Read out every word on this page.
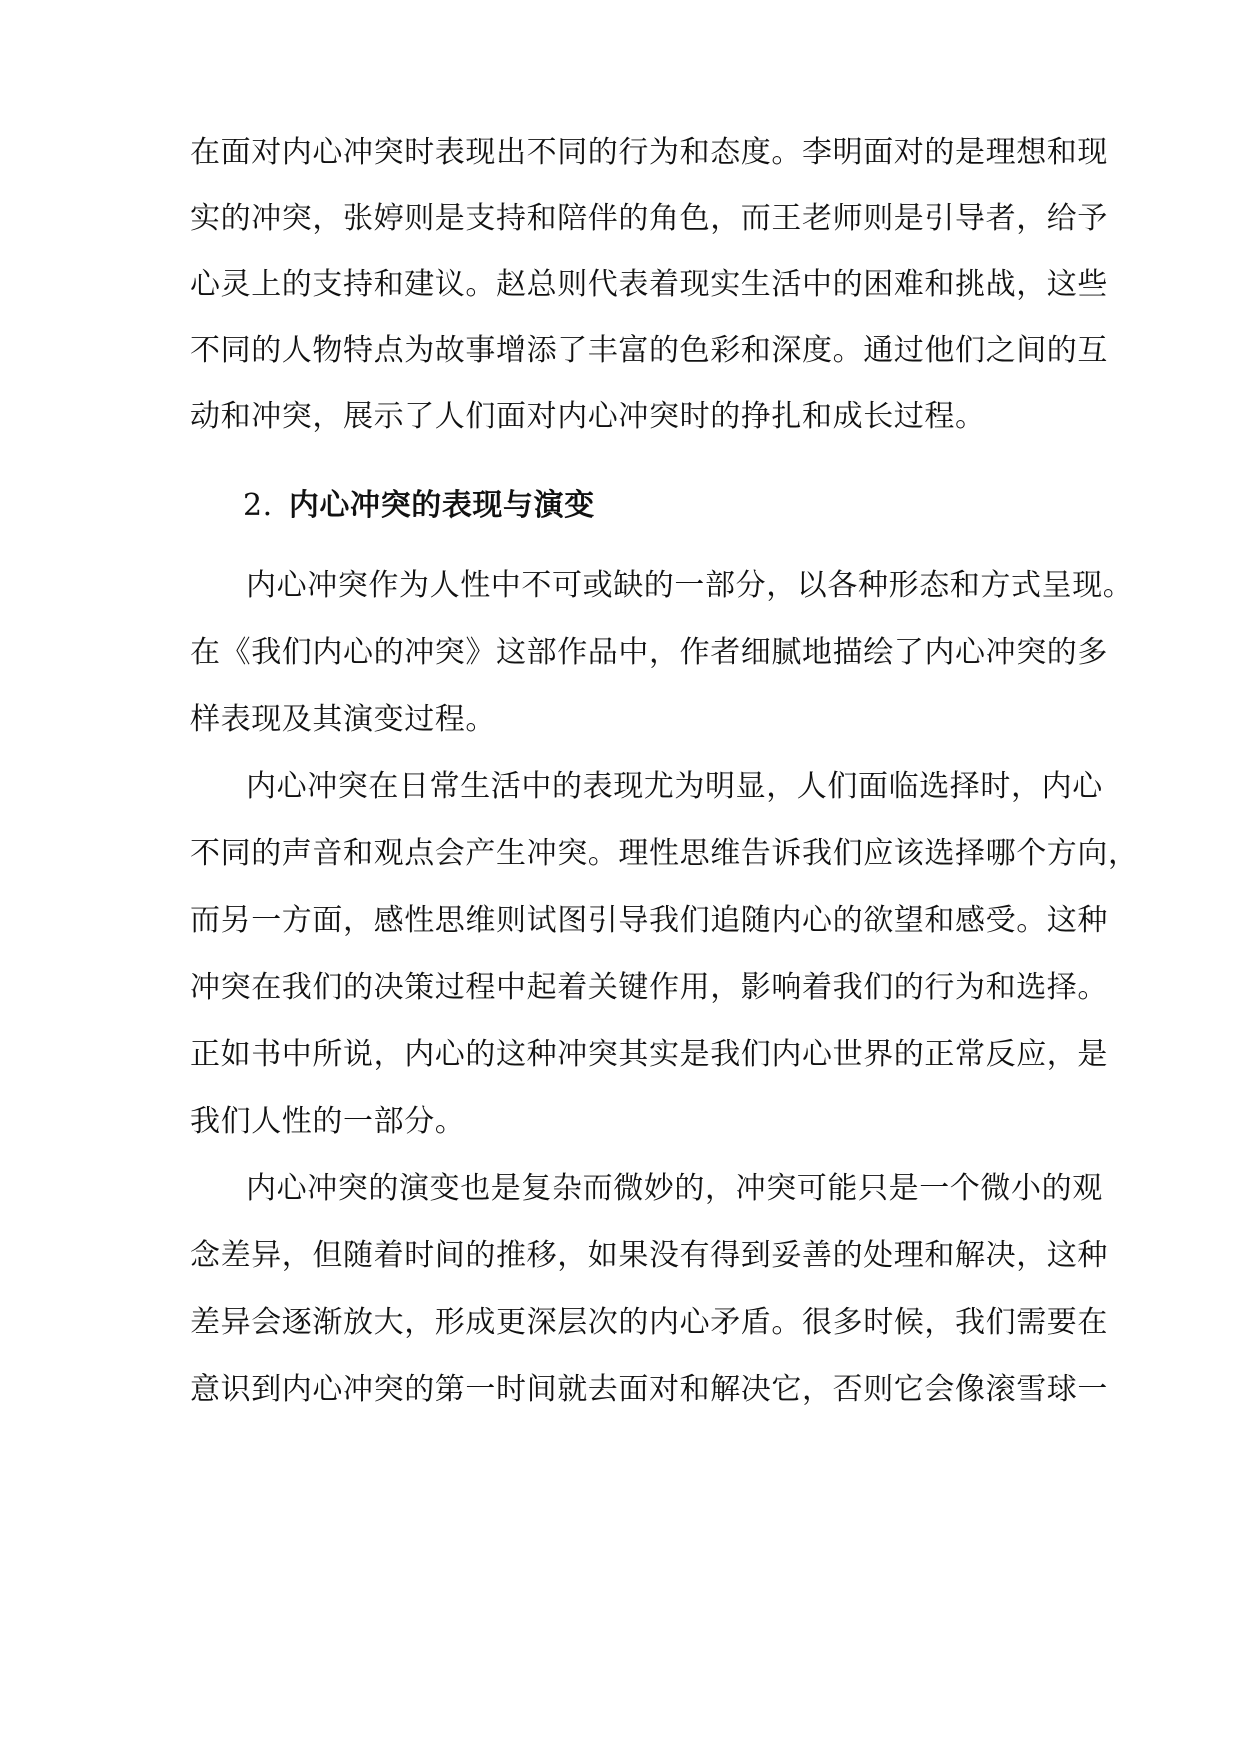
在面对内心冲突时表现出不同的行为和态度。李明面对的是理想和现
实的冲突，张婷则是支持和陪伴的角色，而王老师则是引导者，给予
心灵上的支持和建议。赵总则代表着现实生活中的困难和挑战，这些
不同的人物特点为故事增添了丰富的色彩和深度。通过他们之间的互
动和冲突，展示了人们面对内心冲突时的挣扎和成长过程。
2. 内心冲突的表现与演变
内心冲突作为人性中不可或缺的一部分，以各种形态和方式呈现。
在《我们内心的冲突》这部作品中，作者细腻地描绘了内心冲突的多
样表现及其演变过程。
内心冲突在日常生活中的表现尤为明显，人们面临选择时，内心
不同的声音和观点会产生冲突。理性思维告诉我们应该选择哪个方向，
而另一方面，感性思维则试图引导我们追随内心的欲望和感受。这种
冲突在我们的决策过程中起着关键作用，影响着我们的行为和选择。
正如书中所说，内心的这种冲突其实是我们内心世界的正常反应，是
我们人性的一部分。
内心冲突的演变也是复杂而微妙的，冲突可能只是一个微小的观
念差异，但随着时间的推移，如果没有得到妥善的处理和解决，这种
差异会逐渐放大，形成更深层次的内心矛盾。很多时候，我们需要在
意识到内心冲突的第一时间就去面对和解决它，否则它会像滚雪球一
